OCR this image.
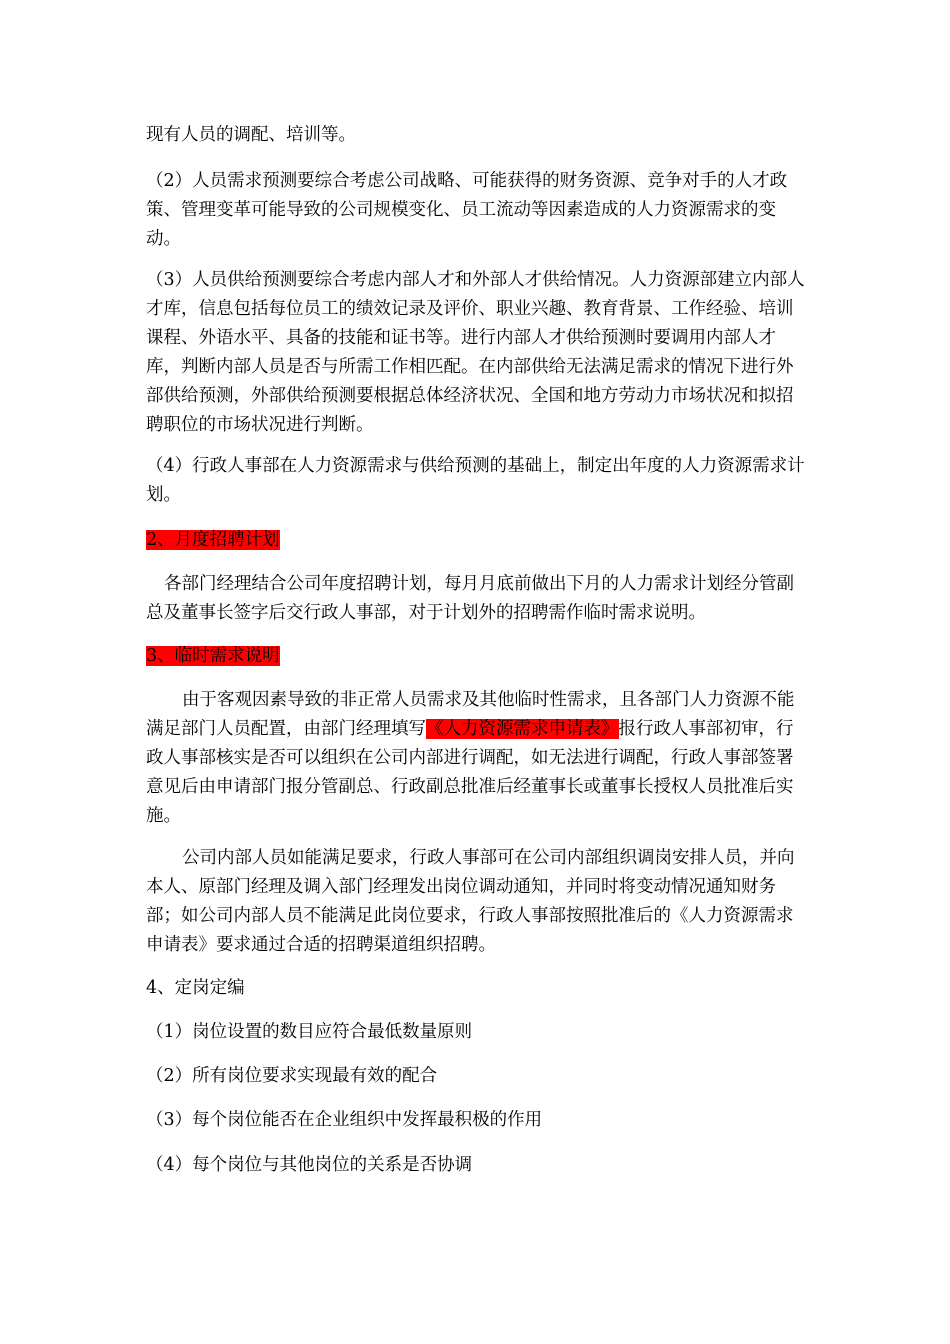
现有人员的调配、培训等。

（2）人员需求预测要综合考虑公司战略、可能获得的财务资源、竞争对手的人才政策、管理变革可能导致的公司规模变化、员工流动等因素造成的人力资源需求的变动。

（3）人员供给预测要综合考虑内部人才和外部人才供给情况。人力资源部建立内部人才库，信息包括每位员工的绩效记录及评价、职业兴趣、教育背景、工作经验、培训课程、外语水平、具备的技能和证书等。进行内部人才供给预测时要调用内部人才库，判断内部人员是否与所需工作相匹配。在内部供给无法满足需求的情况下进行外部供给预测，外部供给预测要根据总体经济状况、全国和地方劳动力市场状况和拟招聘职位的市场状况进行判断。

（4）行政人事部在人力资源需求与供给预测的基础上，制定出年度的人力资源需求计划。

2、月度招聘计划

各部门经理结合公司年度招聘计划，每月月底前做出下月的人力需求计划经分管副总及董事长签字后交行政人事部，对于计划外的招聘需作临时需求说明。

3、临时需求说明

由于客观因素导致的非正常人员需求及其他临时性需求，且各部门人力资源不能满足部门人员配置，由部门经理填写《人力资源需求申请表》报行政人事部初审，行政人事部核实是否可以组织在公司内部进行调配，如无法进行调配，行政人事部签署意见后由申请部门报分管副总、行政副总批准后经董事长或董事长授权人员批准后实施。

公司内部人员如能满足要求，行政人事部可在公司内部组织调岗安排人员，并向本人、原部门经理及调入部门经理发出岗位调动通知，并同时将变动情况通知财务部；如公司内部人员不能满足此岗位要求，行政人事部按照批准后的《人力资源需求申请表》要求通过合适的招聘渠道组织招聘。

4、定岗定编

（1）岗位设置的数目应符合最低数量原则

（2）所有岗位要求实现最有效的配合

（3）每个岗位能否在企业组织中发挥最积极的作用

（4）每个岗位与其他岗位的关系是否协调
